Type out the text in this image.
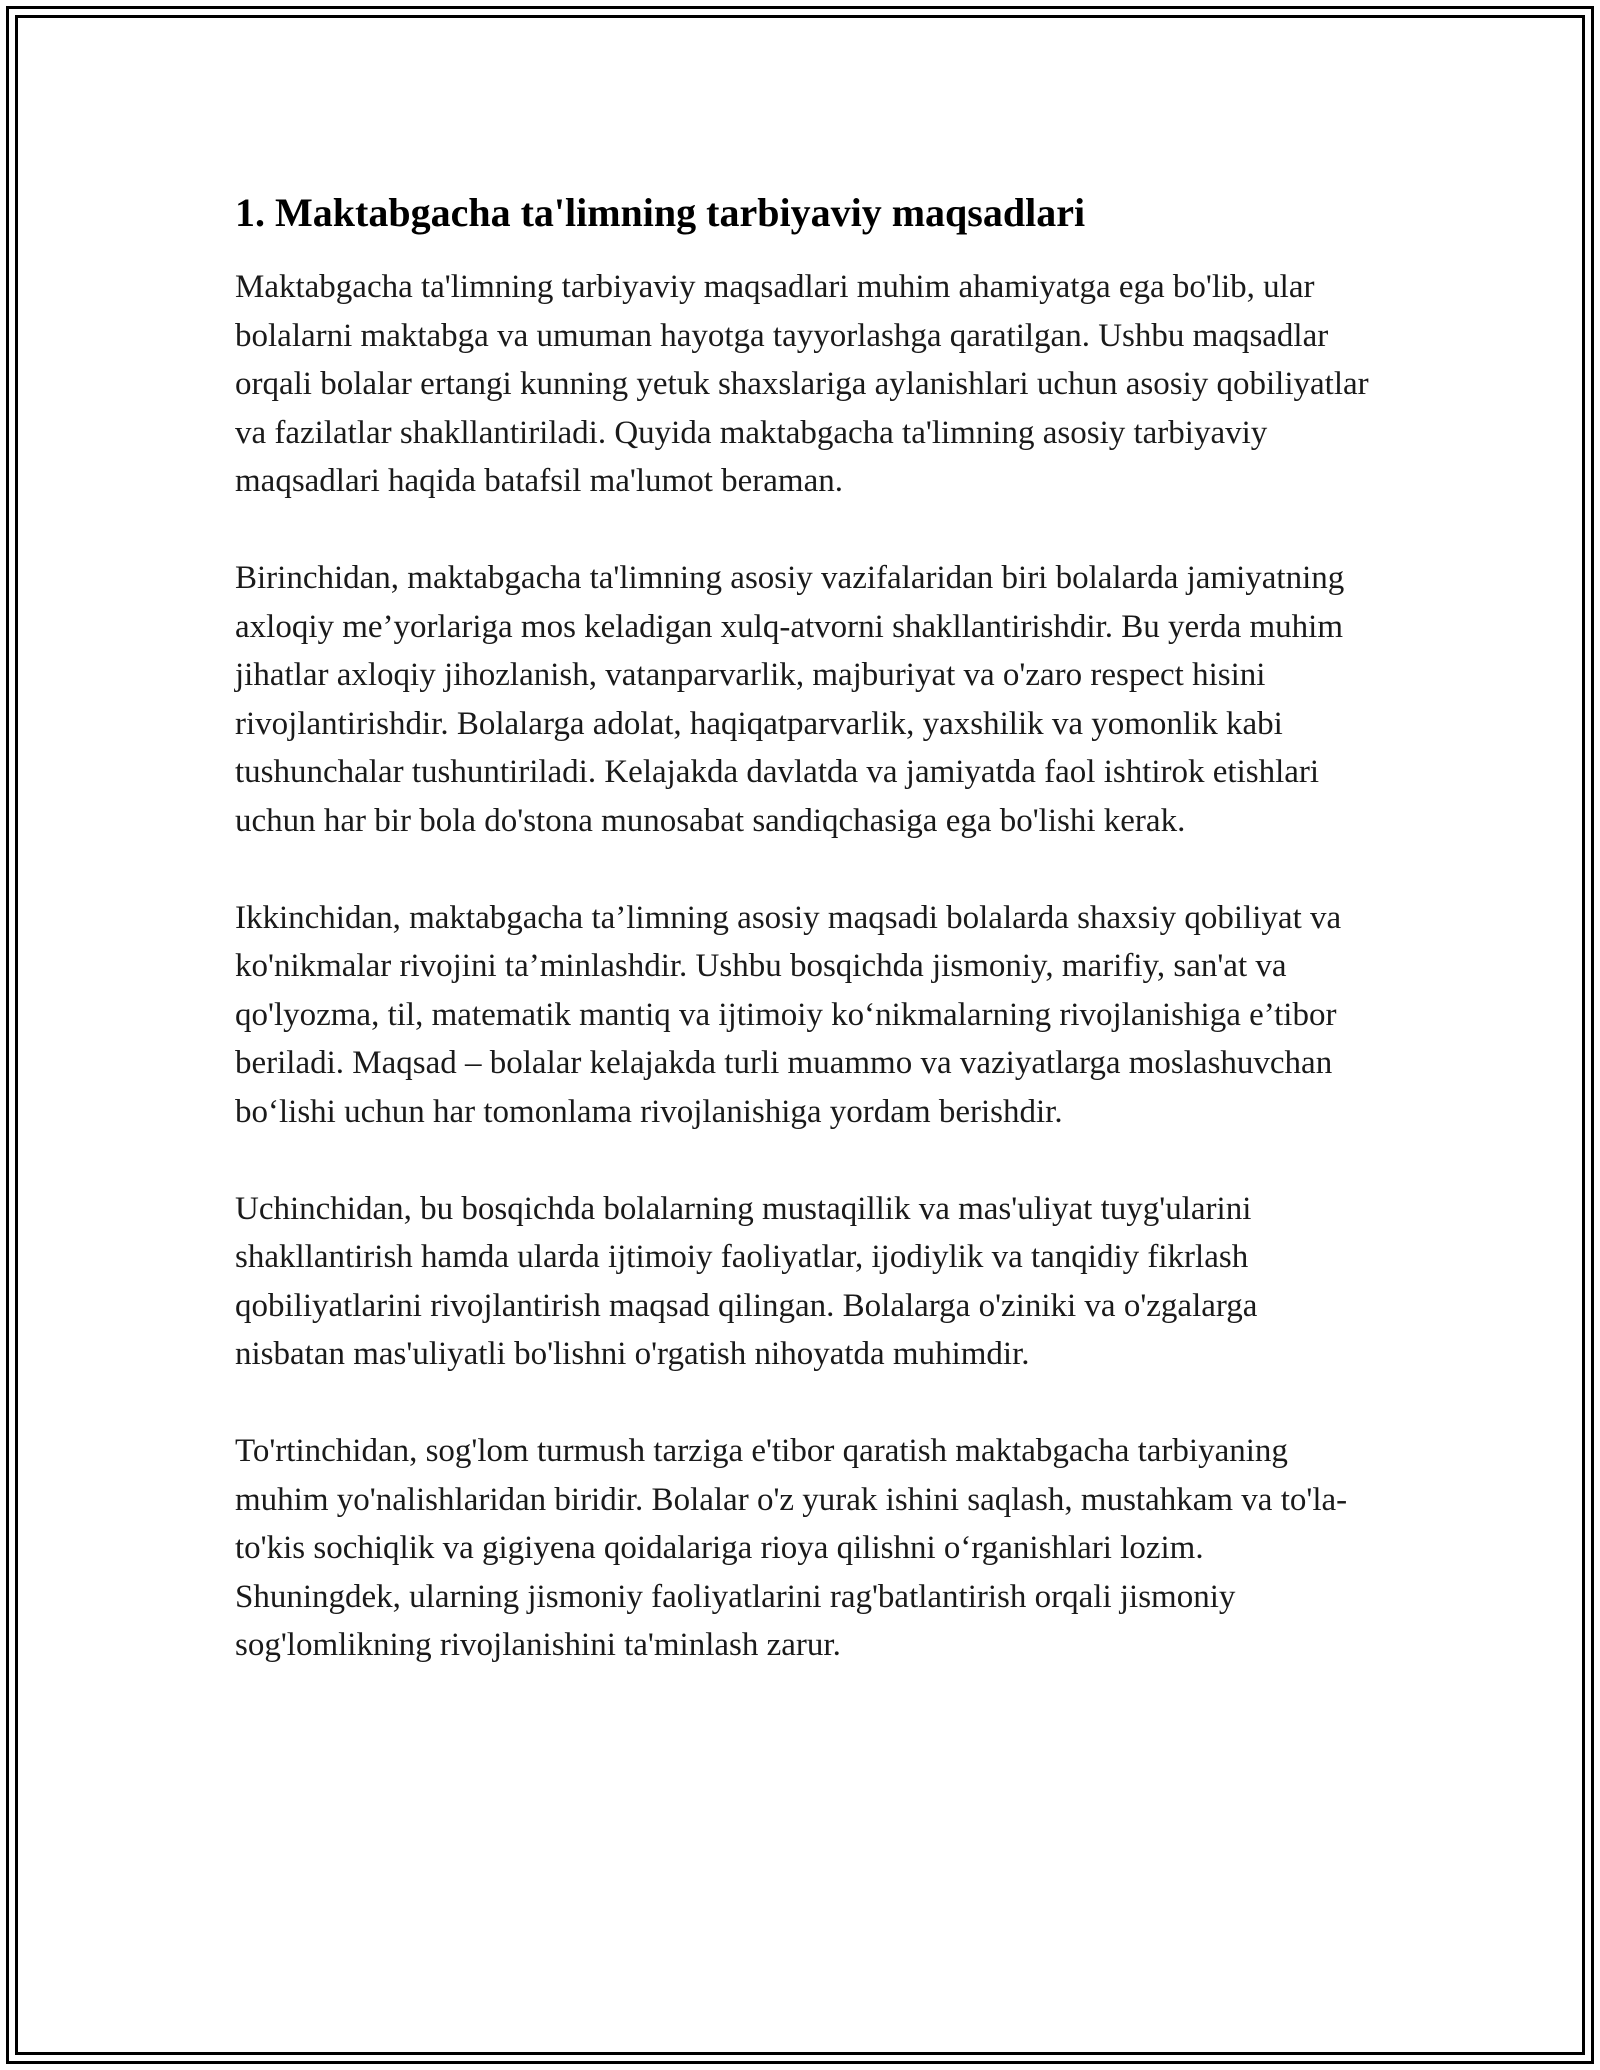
1. Maktabgacha ta'limning tarbiyaviy maqsadlari

Maktabgacha ta'limning tarbiyaviy maqsadlari muhim ahamiyatga ega bo'lib, ular bolalarni maktabga va umuman hayotga tayyorlashga qaratilgan. Ushbu maqsadlar orqali bolalar ertangi kunning yetuk shaxslariga aylanishlari uchun asosiy qobiliyatlar va fazilatlar shakllantiriladi. Quyida maktabgacha ta'limning asosiy tarbiyaviy maqsadlari haqida batafsil ma'lumot beraman.

Birinchidan, maktabgacha ta'limning asosiy vazifalaridan biri bolalarda jamiyatning axloqiy me’yorlariga mos keladigan xulq-atvorni shakllantirishdir. Bu yerda muhim jihatlar axloqiy jihozlanish, vatanparvarlik, majburiyat va o'zaro respect hisini rivojlantirishdir. Bolalarga adolat, haqiqatparvarlik, yaxshilik va yomonlik kabi tushunchalar tushuntiriladi. Kelajakda davlatda va jamiyatda faol ishtirok etishlari uchun har bir bola do'stona munosabat sandiqchasiga ega bo'lishi kerak.

Ikkinchidan, maktabgacha ta’limning asosiy maqsadi bolalarda shaxsiy qobiliyat va ko'nikmalar rivojini ta’minlashdir. Ushbu bosqichda jismoniy, marifiy, san'at va qo'lyozma, til, matematik mantiq va ijtimoiy ko‘nikmalarning rivojlanishiga e’tibor beriladi. Maqsad – bolalar kelajakda turli muammo va vaziyatlarga moslashuvchan bo‘lishi uchun har tomonlama rivojlanishiga yordam berishdir.

Uchinchidan, bu bosqichda bolalarning mustaqillik va mas'uliyat tuyg'ularini shakllantirish hamda ularda ijtimoiy faoliyatlar, ijodiylik va tanqidiy fikrlash qobiliyatlarini rivojlantirish maqsad qilingan. Bolalarga o'ziniki va o'zgalarga nisbatan mas'uliyatli bo'lishni o'rgatish nihoyatda muhimdir.

To'rtinchidan, sog'lom turmush tarziga e'tibor qaratish maktabgacha tarbiyaning muhim yo'nalishlaridan biridir. Bolalar o'z yurak ishini saqlash, mustahkam va to'la-to'kis sochiqlik va gigiyena qoidalariga rioya qilishni o‘rganishlari lozim. Shuningdek, ularning jismoniy faoliyatlarini rag'batlantirish orqali jismoniy sog'lomlikning rivojlanishini ta'minlash zarur.
